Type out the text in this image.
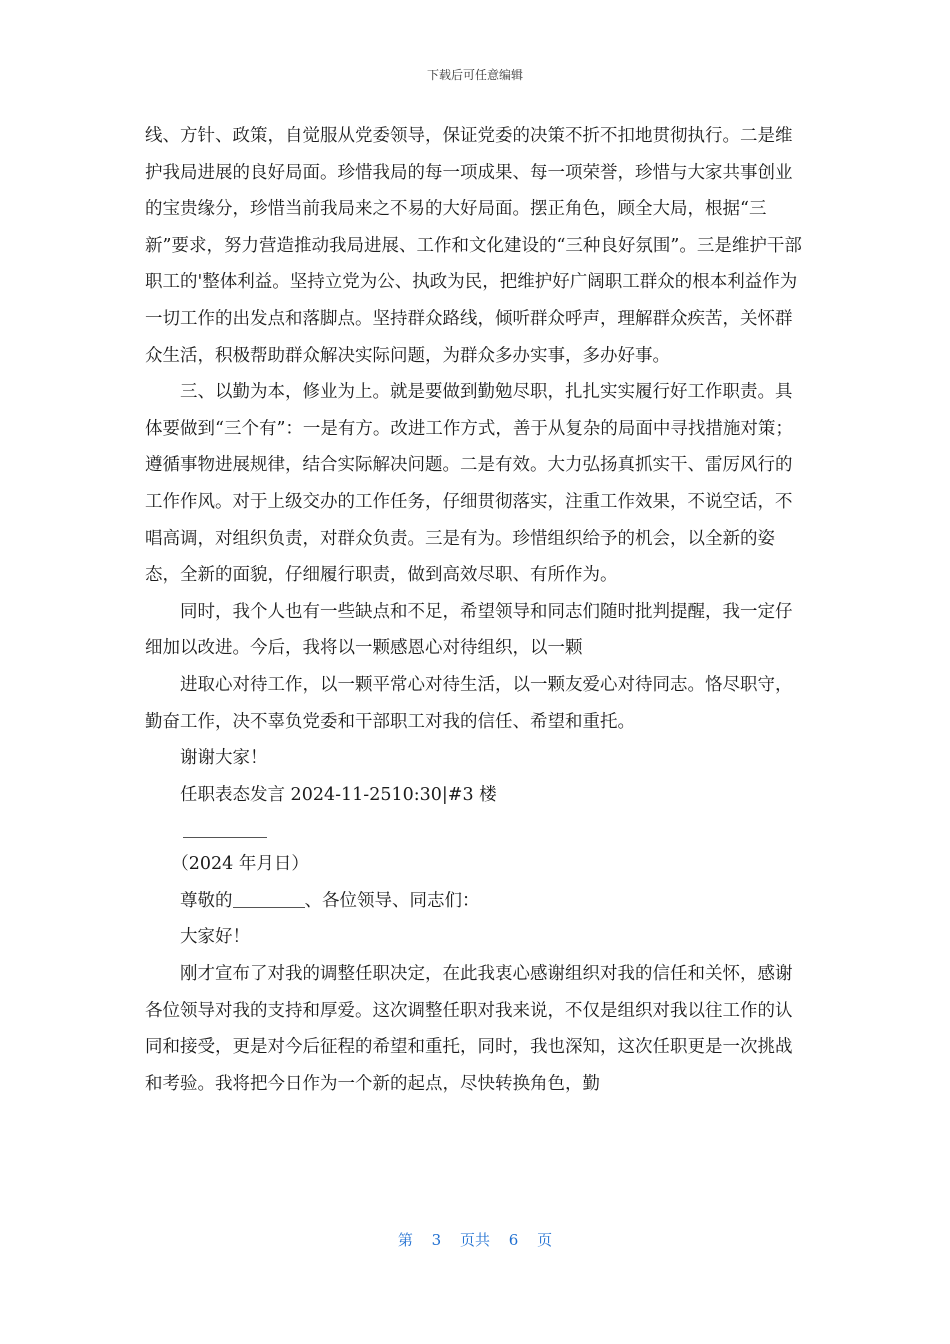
下载后可任意编辑

线、方针、政策，自觉服从党委领导，保证党委的决策不折不扣地贯彻执行。二是维护我局进展的良好局面。珍惜我局的每一项成果、每一项荣誉，珍惜与大家共事创业的宝贵缘分，珍惜当前我局来之不易的大好局面。摆正角色，顾全大局，根据“三新”要求，努力营造推动我局进展、工作和文化建设的“三种良好氛围”。三是维护干部职工的'整体利益。坚持立党为公、执政为民，把维护好广阔职工群众的根本利益作为一切工作的出发点和落脚点。坚持群众路线，倾听群众呼声，理解群众疾苦，关怀群众生活，积极帮助群众解决实际问题，为群众多办实事，多办好事。

三、以勤为本，修业为上。就是要做到勤勉尽职，扎扎实实履行好工作职责。具体要做到“三个有”：一是有方。改进工作方式，善于从复杂的局面中寻找措施对策；遵循事物进展规律，结合实际解决问题。二是有效。大力弘扬真抓实干、雷厉风行的工作作风。对于上级交办的工作任务，仔细贯彻落实，注重工作效果，不说空话，不唱高调，对组织负责，对群众负责。三是有为。珍惜组织给予的机会，以全新的姿态，全新的面貌，仔细履行职责，做到高效尽职、有所作为。

同时，我个人也有一些缺点和不足，希望领导和同志们随时批判提醒，我一定仔细加以改进。今后，我将以一颗感恩心对待组织，以一颗

进取心对待工作，以一颗平常心对待生活，以一颗友爱心对待同志。恪尽职守，勤奋工作，决不辜负党委和干部职工对我的信任、希望和重托。

谢谢大家！

任职表态发言 2024-11-2510:30|#3 楼

（2024 年月日）

尊敬的	、各位领导、同志们：

大家好！

刚才宣布了对我的调整任职决定，在此我衷心感谢组织对我的信任和关怀，感谢各位领导对我的支持和厚爱。这次调整任职对我来说，不仅是组织对我以往工作的认同和接受，更是对今后征程的希望和重托，同时，我也深知，这次任职更是一次挑战和考验。我将把今日作为一个新的起点，尽快转换角色，勤

第 3 页共 6 页
